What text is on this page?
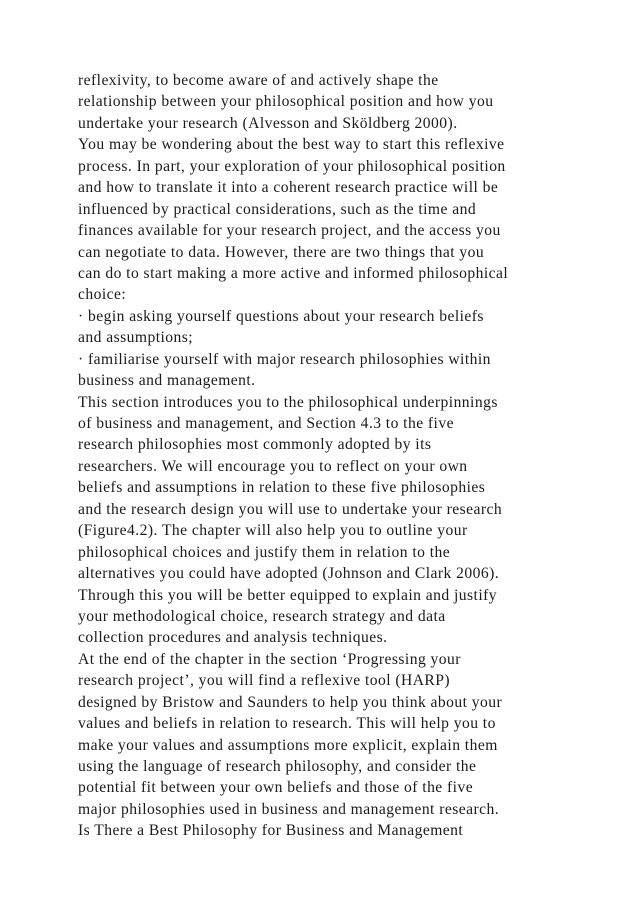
reflexivity, to become aware of and actively shape the
relationship between your philosophical position and how you
undertake your research (Alvesson and Sköldberg 2000).
You may be wondering about the best way to start this reflexive
process. In part, your exploration of your philosophical position
and how to translate it into a coherent research practice will be
influenced by practical considerations, such as the time and
finances available for your research project, and the access you
can negotiate to data. However, there are two things that you
can do to start making a more active and informed philosophical
choice:
· begin asking yourself questions about your research beliefs
and assumptions;
· familiarise yourself with major research philosophies within
business and management.
This section introduces you to the philosophical underpinnings
of business and management, and Section 4.3 to the five
research philosophies most commonly adopted by its
researchers. We will encourage you to reflect on your own
beliefs and assumptions in relation to these five philosophies
and the research design you will use to undertake your research
(Figure4.2). The chapter will also help you to outline your
philosophical choices and justify them in relation to the
alternatives you could have adopted (Johnson and Clark 2006).
Through this you will be better equipped to explain and justify
your methodological choice, research strategy and data
collection procedures and analysis techniques.
At the end of the chapter in the section ‘Progressing your
research project’, you will find a reflexive tool (HARP)
designed by Bristow and Saunders to help you think about your
values and beliefs in relation to research. This will help you to
make your values and assumptions more explicit, explain them
using the language of research philosophy, and consider the
potential fit between your own beliefs and those of the five
major philosophies used in business and management research.
Is There a Best Philosophy for Business and Management
